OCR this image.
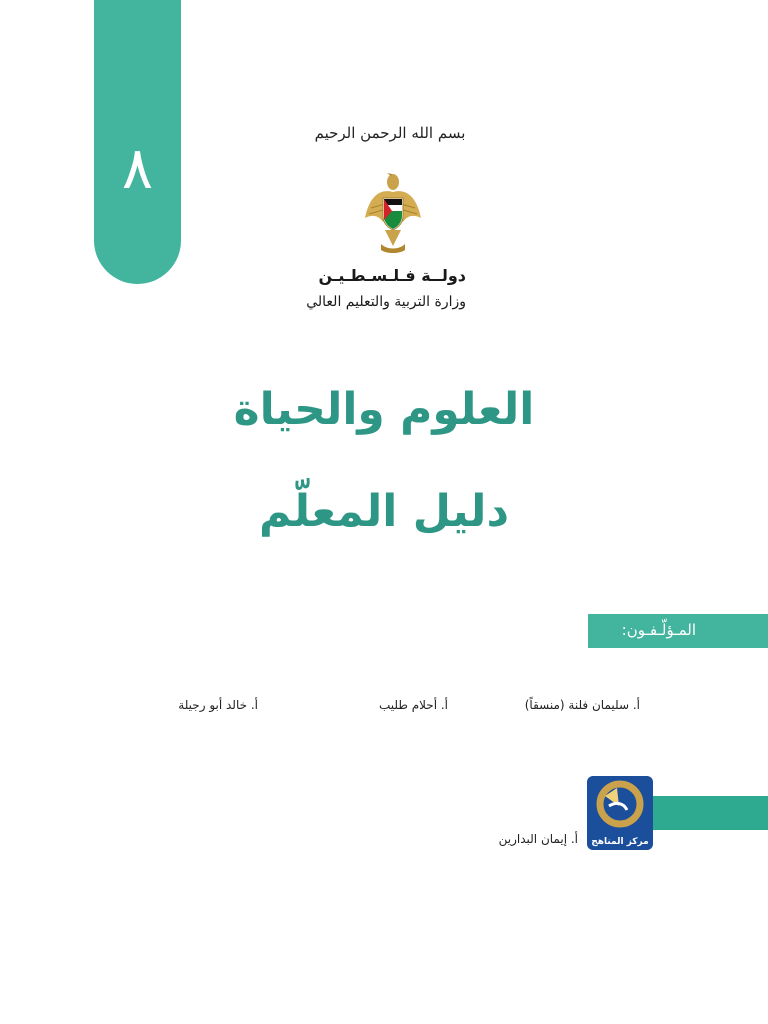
٨
بسم الله الرحمن الرحيم
دولــة فـلـسـطـيـن
وزارة التربية والتعليم العالي
العلوم والحياة
دليل المعلّم
المـؤلّـفـون:
أ. سليمان فلنة (منسقاً)
أ. أحلام طليب
أ. خالد أبو رجيلة
أ. إيمان البدارين	مركز المناهج
